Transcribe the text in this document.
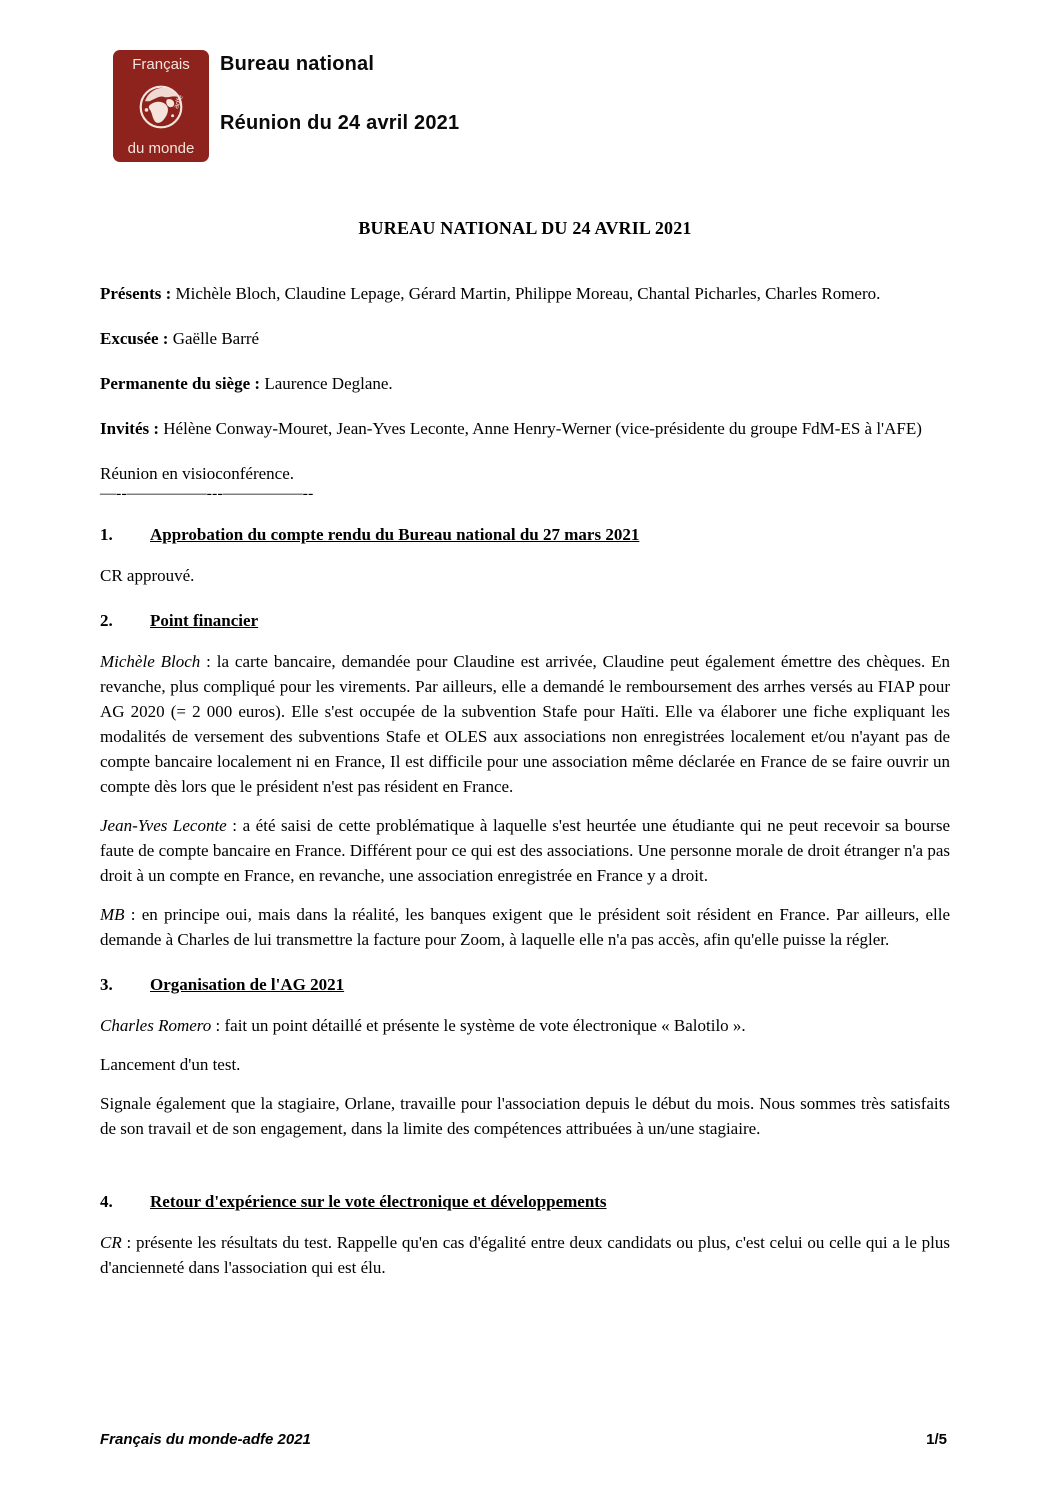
Français
adfe
du monde
Bureau national
Réunion du 24 avril 2021

BUREAU NATIONAL DU 24 AVRIL 2021

Présents : Michèle Bloch, Claudine Lepage, Gérard Martin, Philippe Moreau, Chantal Picharles, Charles Romero.

Excusée : Gaëlle Barré

Permanente du siège : Laurence Deglane.

Invités : Hélène Conway-Mouret, Jean-Yves Leconte, Anne Henry-Werner (vice-présidente du groupe FdM-ES à l'AFE)

Réunion en visioconférence.

—--—————---—————--

1. Approbation du compte rendu du Bureau national du 27 mars 2021

CR approuvé.

2. Point financier

Michèle Bloch : la carte bancaire, demandée pour Claudine est arrivée, Claudine peut également émettre des chèques. En revanche, plus compliqué pour les virements. Par ailleurs, elle a demandé le remboursement des arrhes versés au FIAP pour AG 2020 (= 2 000 euros). Elle s'est occupée de la subvention Stafe pour Haïti. Elle va élaborer une fiche expliquant les modalités de versement des subventions Stafe et OLES aux associations non enregistrées localement et/ou n'ayant pas de compte bancaire localement ni en France, Il est difficile pour une association même déclarée en France de se faire ouvrir un compte dès lors que le président n'est pas résident en France.

Jean-Yves Leconte : a été saisi de cette problématique à laquelle s'est heurtée une étudiante qui ne peut recevoir sa bourse faute de compte bancaire en France. Différent pour ce qui est des associations. Une personne morale de droit étranger n'a pas droit à un compte en France, en revanche, une association enregistrée en France y a droit.

MB : en principe oui, mais dans la réalité, les banques exigent que le président soit résident en France. Par ailleurs, elle demande à Charles de lui transmettre la facture pour Zoom, à laquelle elle n'a pas accès, afin qu'elle puisse la régler.

3. Organisation de l'AG 2021

Charles Romero : fait un point détaillé et présente le système de vote électronique « Balotilo ».

Lancement d'un test.

Signale également que la stagiaire, Orlane, travaille pour l'association depuis le début du mois. Nous sommes très satisfaits de son travail et de son engagement, dans la limite des compétences attribuées à un/une stagiaire.

4. Retour d'expérience sur le vote électronique et développements

CR : présente les résultats du test. Rappelle qu'en cas d'égalité entre deux candidats ou plus, c'est celui ou celle qui a le plus d'ancienneté dans l'association qui est élu.

Français du monde-adfe 2021	1/5
